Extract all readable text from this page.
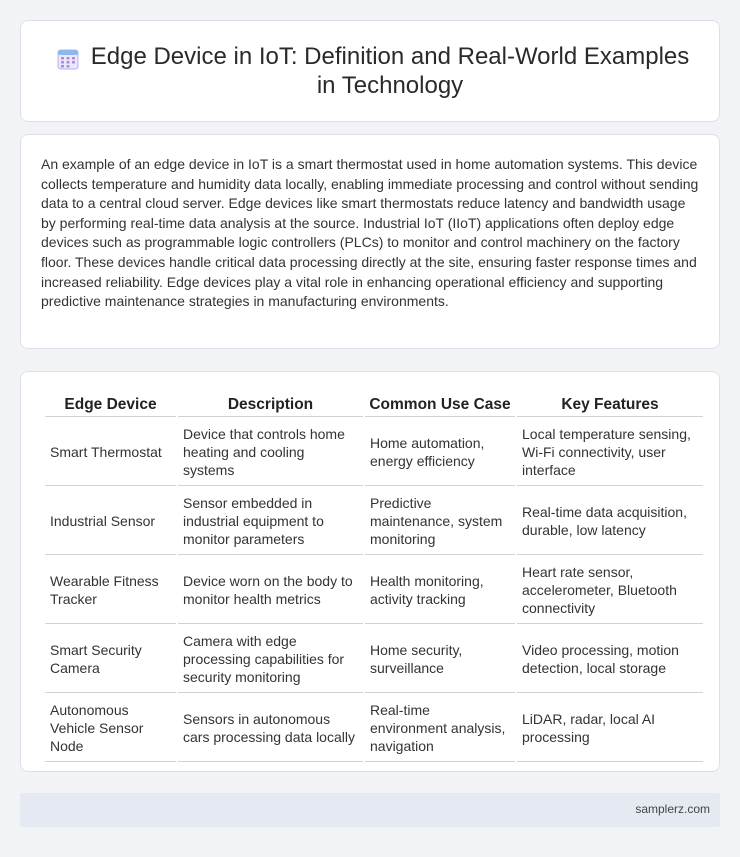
Edge Device in IoT: Definition and Real-World Examples in Technology

An example of an edge device in IoT is a smart thermostat used in home automation systems. This device collects temperature and humidity data locally, enabling immediate processing and control without sending data to a central cloud server. Edge devices like smart thermostats reduce latency and bandwidth usage by performing real-time data analysis at the source. Industrial IoT (IIoT) applications often deploy edge devices such as programmable logic controllers (PLCs) to monitor and control machinery on the factory floor. These devices handle critical data processing directly at the site, ensuring faster response times and increased reliability. Edge devices play a vital role in enhancing operational efficiency and supporting predictive maintenance strategies in manufacturing environments.

Edge Device	Description	Common Use Case	Key Features
Smart Thermostat	Device that controls home heating and cooling systems	Home automation, energy efficiency	Local temperature sensing, Wi-Fi connectivity, user interface
Industrial Sensor	Sensor embedded in industrial equipment to monitor parameters	Predictive maintenance, system monitoring	Real-time data acquisition, durable, low latency
Wearable Fitness Tracker	Device worn on the body to monitor health metrics	Health monitoring, activity tracking	Heart rate sensor, accelerometer, Bluetooth connectivity
Smart Security Camera	Camera with edge processing capabilities for security monitoring	Home security, surveillance	Video processing, motion detection, local storage
Autonomous Vehicle Sensor Node	Sensors in autonomous cars processing data locally	Real-time environment analysis, navigation	LiDAR, radar, local AI processing
samplerz.com
